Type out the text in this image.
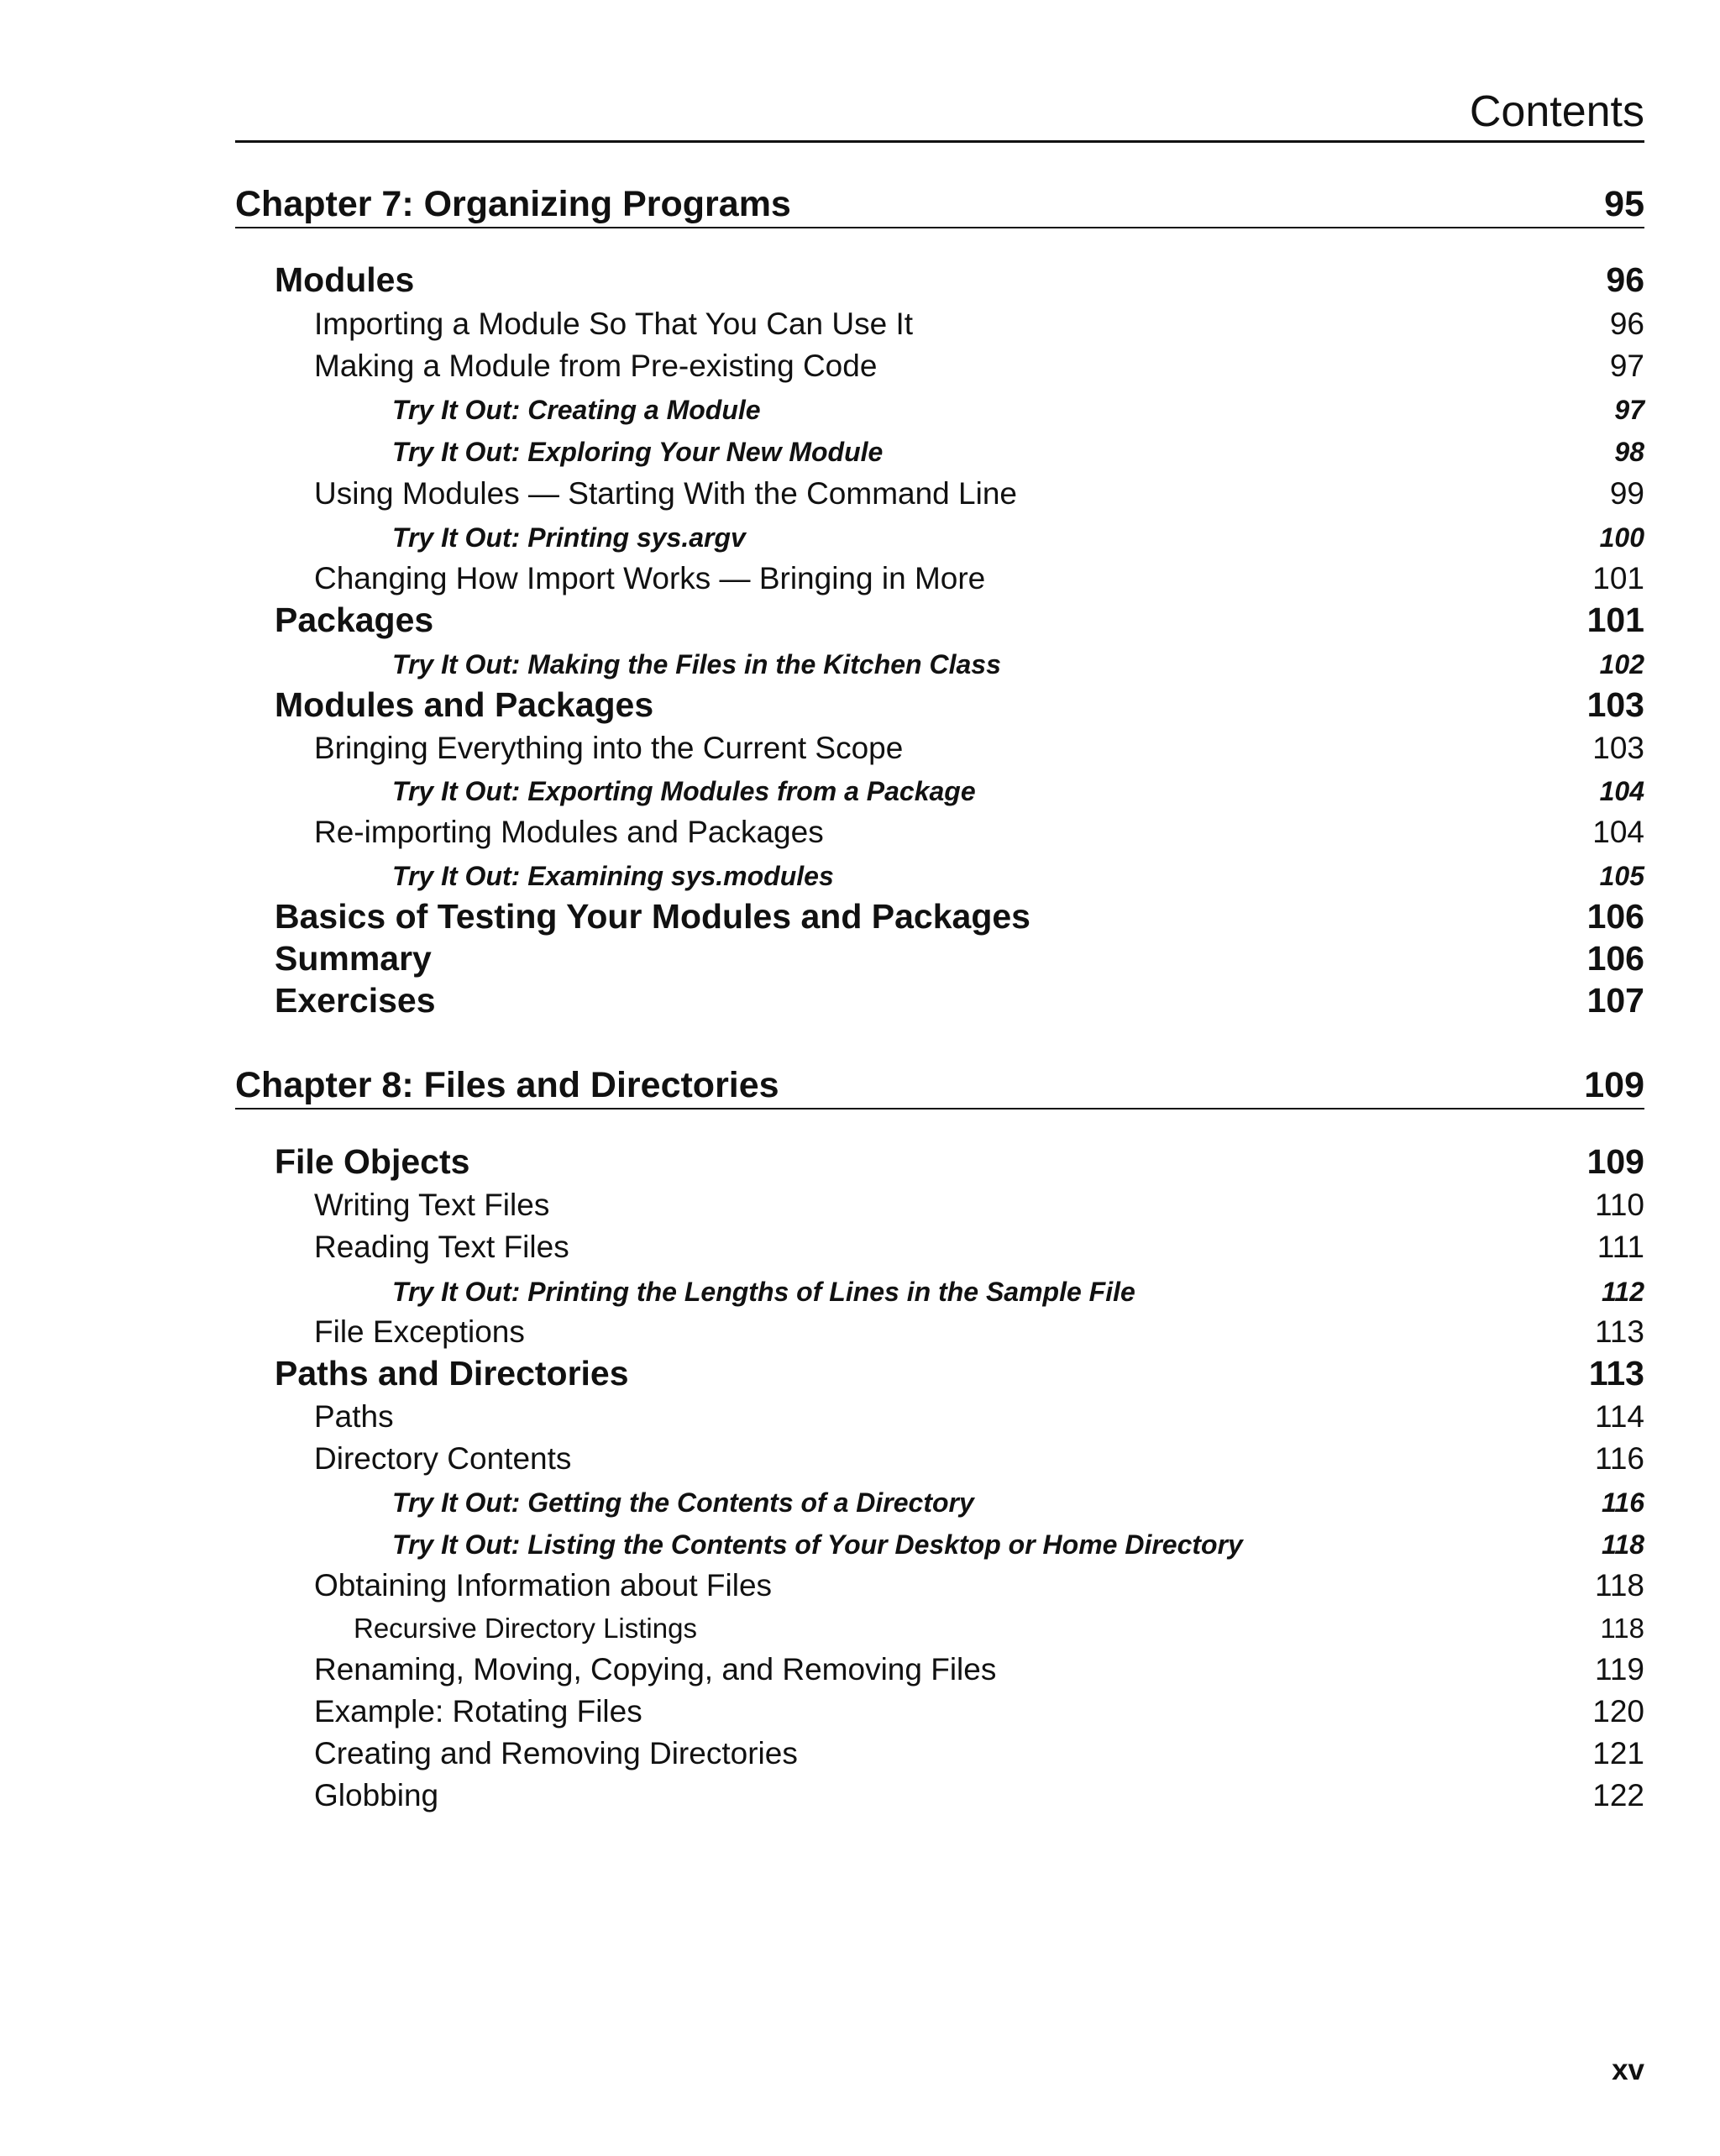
Contents
Chapter 7: Organizing Programs	95
Modules	96
Importing a Module So That You Can Use It	96
Making a Module from Pre-existing Code	97
Try It Out: Creating a Module	97
Try It Out: Exploring Your New Module	98
Using Modules — Starting With the Command Line	99
Try It Out: Printing sys.argv	100
Changing How Import Works — Bringing in More	101
Packages	101
Try It Out: Making the Files in the Kitchen Class	102
Modules and Packages	103
Bringing Everything into the Current Scope	103
Try It Out: Exporting Modules from a Package	104
Re-importing Modules and Packages	104
Try It Out: Examining sys.modules	105
Basics of Testing Your Modules and Packages	106
Summary	106
Exercises	107
Chapter 8: Files and Directories	109
File Objects	109
Writing Text Files	110
Reading Text Files	111
Try It Out: Printing the Lengths of Lines in the Sample File	112
File Exceptions	113
Paths and Directories	113
Paths	114
Directory Contents	116
Try It Out: Getting the Contents of a Directory	116
Try It Out: Listing the Contents of Your Desktop or Home Directory	118
Obtaining Information about Files	118
Recursive Directory Listings	118
Renaming, Moving, Copying, and Removing Files	119
Example: Rotating Files	120
Creating and Removing Directories	121
Globbing	122
xv
